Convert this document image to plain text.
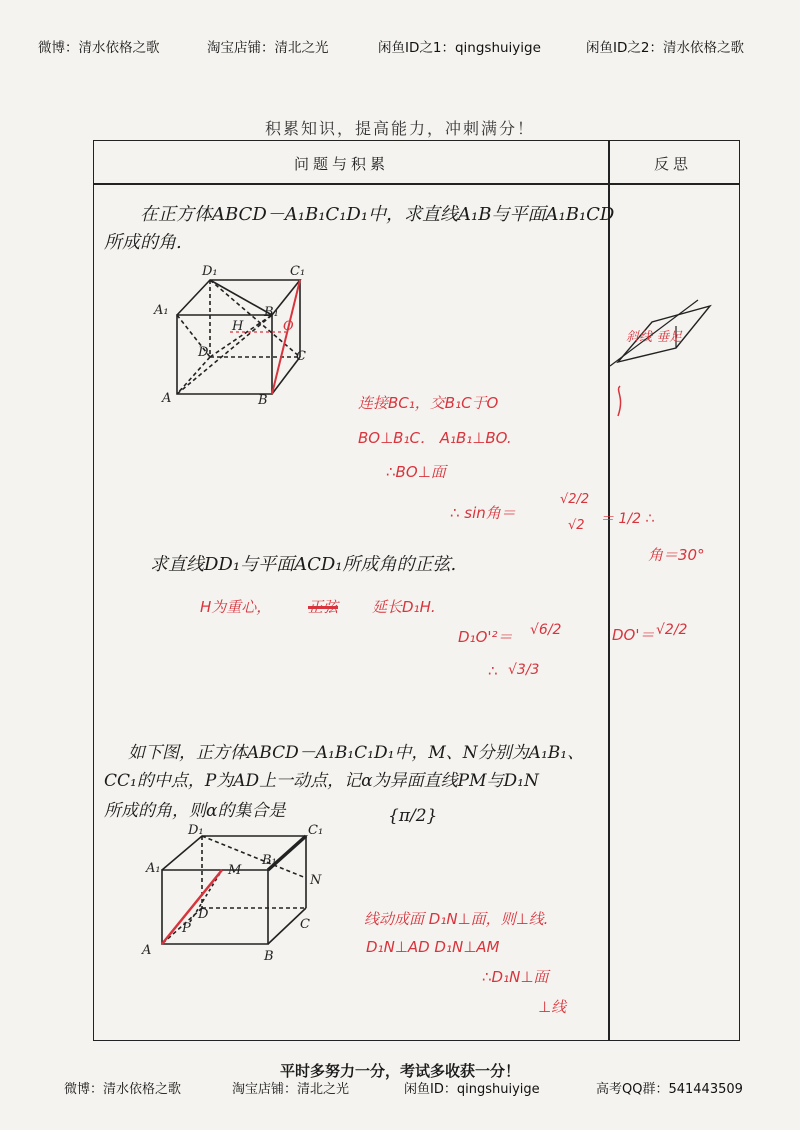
微博：清水依格之歌	淘宝店铺：清北之光	闲鱼ID之1：qingshuiyige	闲鱼ID之2：清水依格之歌
积累知识，提高能力，冲刺满分！
问题与积累	反思
在正方体ABCD－A₁B₁C₁D₁中，求直线A₁B与平面A₁B₁CD
所成的角.
D₁	C₁
A₁	B₁
H
D	C
A	B
O
连接BC₁，交B₁C于O
BO⊥B₁C． A₁B₁⊥BO.
∴BO⊥面
∴ sin角＝
√2/2
√2 ＝ 1/2 ∴
角＝30°
斜线 垂足
求直线DD₁与平面ACD₁所成角的正弦.
H为重心， 正弦 延长D₁H.
D₁O'²＝ √6/2
∴ √3/3
DO'＝ √2/2
如下图，正方体ABCD－A₁B₁C₁D₁中，M、N分别为A₁B₁、
CC₁的中点，P为AD上一动点，记α为异面直线PM与D₁N
所成的角，则α的集合是	{π/2}
D₁	C₁
A₁
B₁
M
N
D
P	C
A	B
线动成面 D₁N⊥面，则⊥线.
D₁N⊥AD D₁N⊥AM
∴D₁N⊥面
⊥线
平时多努力一分，考试多收获一分！
微博：清水依格之歌	淘宝店铺：清北之光	闲鱼ID：qingshuiyige	高考QQ群：541443509
